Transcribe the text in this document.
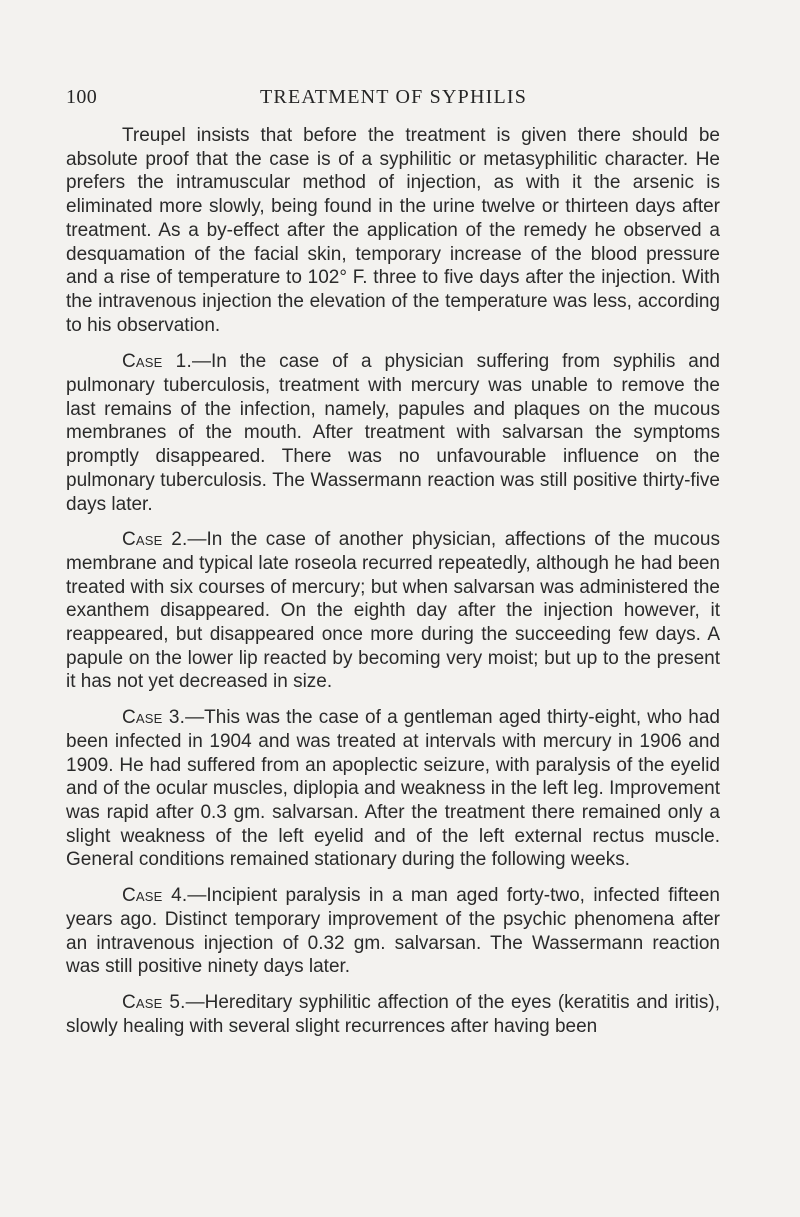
100	TREATMENT OF SYPHILIS

Treupel insists that before the treatment is given there should be absolute proof that the case is of a syphilitic or metasyphilitic character. He prefers the intramuscular method of injection, as with it the arsenic is eliminated more slowly, being found in the urine twelve or thirteen days after treatment. As a by-effect after the application of the remedy he observed a desquamation of the facial skin, temporary increase of the blood pressure and a rise of temperature to 102° F. three to five days after the injection. With the intravenous injection the elevation of the temperature was less, according to his observation.

Case 1.—In the case of a physician suffering from syphilis and pulmonary tuberculosis, treatment with mercury was unable to remove the last remains of the infection, namely, papules and plaques on the mucous membranes of the mouth. After treatment with salvarsan the symptoms promptly disappeared. There was no unfavourable influence on the pulmonary tuberculosis. The Wassermann reaction was still positive thirty-five days later.

Case 2.—In the case of another physician, affections of the mucous membrane and typical late roseola recurred repeatedly, although he had been treated with six courses of mercury; but when salvarsan was administered the exanthem disappeared. On the eighth day after the injection however, it reappeared, but disappeared once more during the succeeding few days. A papule on the lower lip reacted by becoming very moist; but up to the present it has not yet decreased in size.

Case 3.—This was the case of a gentleman aged thirty-eight, who had been infected in 1904 and was treated at intervals with mercury in 1906 and 1909. He had suffered from an apoplectic seizure, with paralysis of the eyelid and of the ocular muscles, diplopia and weakness in the left leg. Improvement was rapid after 0.3 gm. salvarsan. After the treatment there remained only a slight weakness of the left eyelid and of the left external rectus muscle. General conditions remained stationary during the following weeks.

Case 4.—Incipient paralysis in a man aged forty-two, infected fifteen years ago. Distinct temporary improvement of the psychic phenomena after an intravenous injection of 0.32 gm. salvarsan. The Wassermann reaction was still positive ninety days later.

Case 5.—Hereditary syphilitic affection of the eyes (keratitis and iritis), slowly healing with several slight recurrences after having been
